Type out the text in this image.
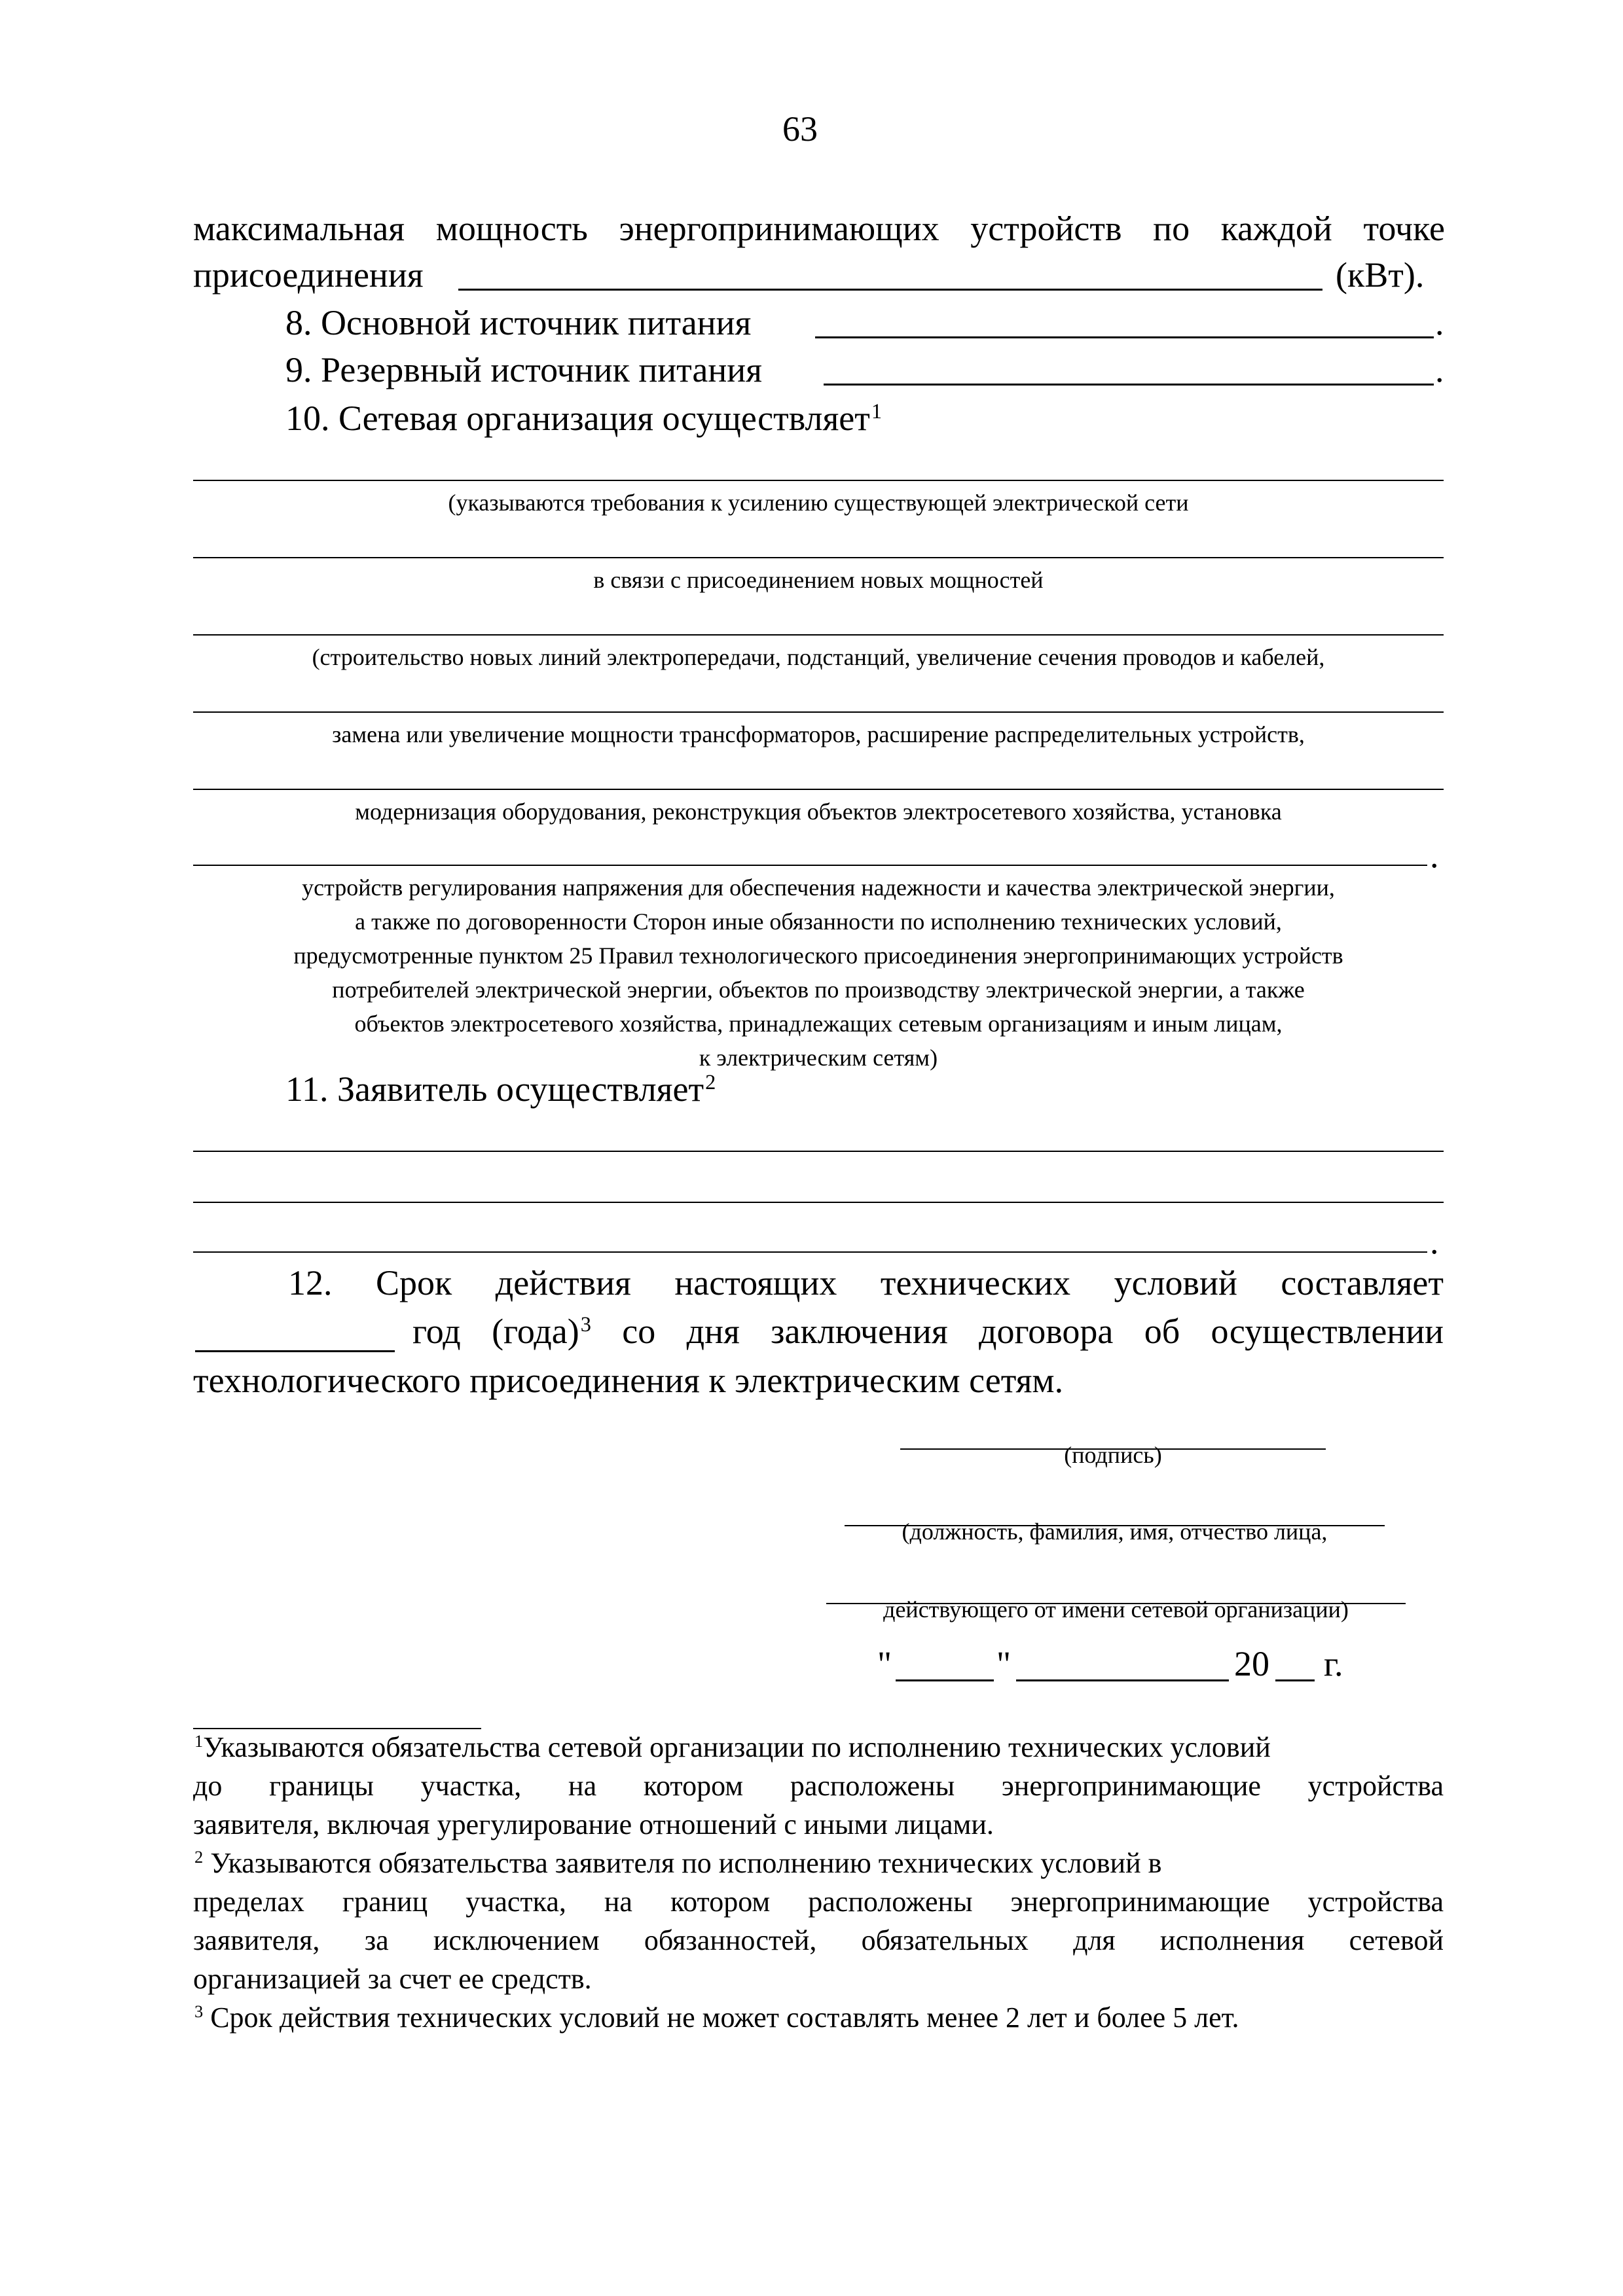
63
максимальная мощность энергопринимающих устройств по каждой точке
присоединения	(кВт).
8. Основной источник питания	.
9. Резервный источник питания	.
10. Сетевая организация осуществляет$^1$
(указываются требования к усилению существующей электрической сети
в связи с присоединением новых мощностей
(строительство новых линий электропередачи, подстанций, увеличение сечения проводов и кабелей,
замена или увеличение мощности трансформаторов, расширение распределительных устройств,
модернизация оборудования, реконструкция объектов электросетевого хозяйства, установка
.
устройств регулирования напряжения для обеспечения надежности и качества электрической энергии,
а также по договоренности Сторон иные обязанности по исполнению технических условий,
предусмотренные пунктом 25 Правил технологического присоединения энергопринимающих устройств
потребителей электрической энергии, объектов по производству электрической энергии, а также
объектов электросетевого хозяйства, принадлежащих сетевым организациям и иным лицам,
к электрическим сетям)
11. Заявитель осуществляет$^2$
.
12. Срок действия настоящих технических условий составляет
год (года)$^3$ со дня заключения договора об осуществлении
технологического присоединения к электрическим сетям.
(подпись)
(должность, фамилия, имя, отчество лица,
действующего от имени сетевой организации)
"	"	20 г.
$^1$Указываются обязательства сетевой организации по исполнению технических условий
до границы участка, на котором расположены энергопринимающие устройства
заявителя, включая урегулирование отношений с иными лицами.
$^2$ Указываются обязательства заявителя по исполнению технических условий в
пределах границ участка, на котором расположены энергопринимающие устройства
заявителя, за исключением обязанностей, обязательных для исполнения сетевой
организацией за счет ее средств.
$^3$ Срок действия технических условий не может составлять менее 2 лет и более 5 лет.
